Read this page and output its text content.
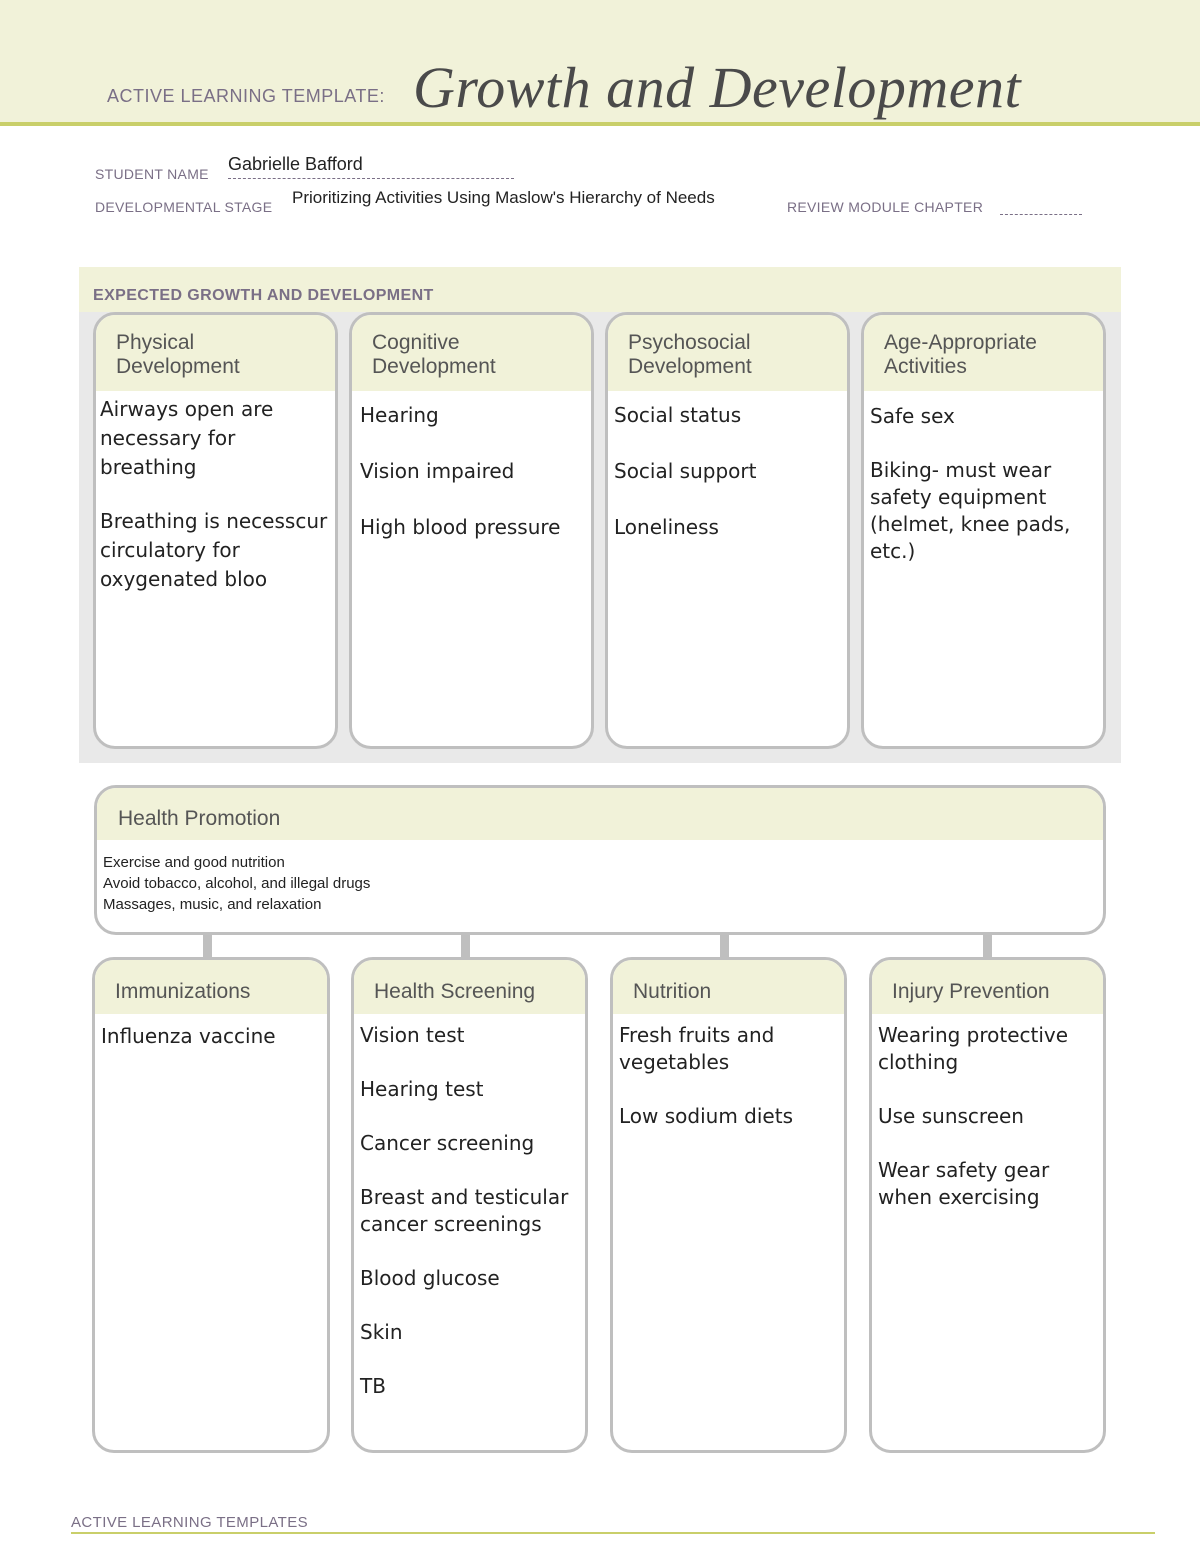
ACTIVE LEARNING TEMPLATE: Growth and Development
STUDENT NAME Gabrielle Bafford
DEVELOPMENTAL STAGE Prioritizing Activities Using Maslow's Hierarchy of Needs	REVIEW MODULE CHAPTER
EXPECTED GROWTH AND DEVELOPMENT
Physical
Development

Airways open are necessary for breathing

Breathing is necesscur circulatory for oxygenated bloo

Cognitive
Development

Hearing

Vision impaired

High blood pressure

Psychosocial
Development

Social status

Social support

Loneliness

Age-Appropriate
Activities

Safe sex

Biking- must wear safety equipment (helmet, knee pads, etc.)

Health Promotion
Exercise and good nutrition
Avoid tobacco, alcohol, and illegal drugs
Massages, music, and relaxation
Immunizations

Influenza vaccine

Health Screening

Vision test

Hearing test

Cancer screening

Breast and testicular cancer screenings

Blood glucose

Skin

TB

Nutrition

Fresh fruits and vegetables

Low sodium diets

Injury Prevention

Wearing protective clothing

Use sunscreen

Wear safety gear when exercising

ACTIVE LEARNING TEMPLATES
